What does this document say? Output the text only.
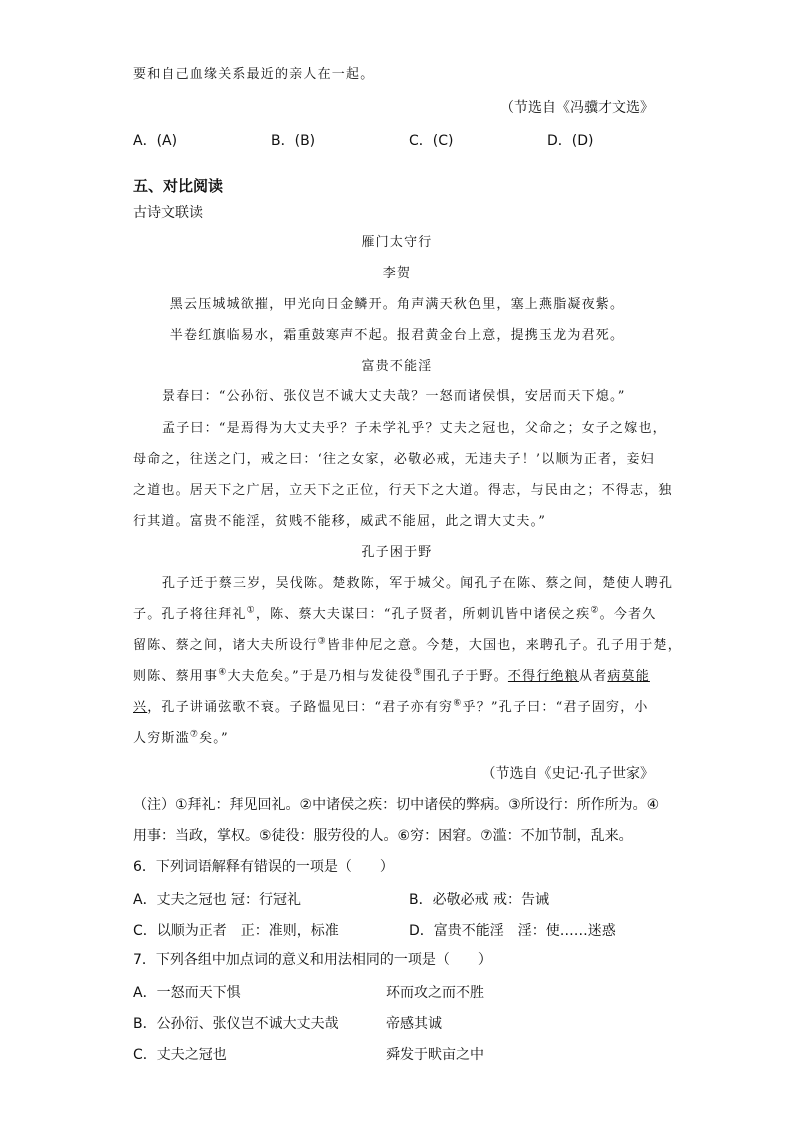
要和自己血缘关系最近的亲人在一起。
（节选自《冯骥才文选》
A．(A)	B．(B)	C．(C)	D．(D)
五、对比阅读
古诗文联读
雁门太守行
李贺
黑云压城城欲摧，甲光向日金鳞开。角声满天秋色里，塞上燕脂凝夜紫。
半卷红旗临易水，霜重鼓寒声不起。报君黄金台上意，提携玉龙为君死。
富贵不能淫
景春曰：“公孙衍、张仪岂不诚大丈夫哉？一怒而诸侯惧，安居而天下熄。”
孟子曰：“是焉得为大丈夫乎？子未学礼乎？丈夫之冠也，父命之；女子之嫁也，
母命之，往送之门，戒之曰：‘往之女家，必敬必戒，无违夫子！’以顺为正者，妾妇
之道也。居天下之广居，立天下之正位，行天下之大道。得志，与民由之；不得志，独
行其道。富贵不能淫，贫贱不能移，威武不能屈，此之谓大丈夫。”
孔子困于野
孔子迁于蔡三岁，吴伐陈。楚救陈，军于城父。闻孔子在陈、蔡之间，楚使人聘孔
子。孔子将往拜礼①，陈、蔡大夫谋曰：“孔子贤者，所刺讥皆中诸侯之疾②。今者久
留陈、蔡之间，诸大夫所设行③皆非仲尼之意。今楚，大国也，来聘孔子。孔子用于楚，
则陈、蔡用事④大夫危矣。”于是乃相与发徒役⑤围孔子于野。不得行绝粮从者病莫能
兴，孔子讲诵弦歌不衰。子路愠见曰：“君子亦有穷⑥乎？”孔子曰：“君子固穷，小
人穷斯滥⑦矣。”
（节选自《史记·孔子世家》
（注）①拜礼：拜见回礼。②中诸侯之疾：切中诸侯的弊病。③所设行：所作所为。④
用事：当政，掌权。⑤徒役：服劳役的人。⑥穷：困窘。⑦滥：不加节制，乱来。
6．下列词语解释有错误的一项是（　　）
A．丈夫之冠也 冠：行冠礼	B．必敬必戒 戒：告诫
C．以顺为正者　正：准则，标准	D．富贵不能淫　淫：使……迷惑
7．下列各组中加点词的意义和用法相同的一项是（　　）
A．一怒而天下惧	环而攻之而不胜
B．公孙衍、张仪岂不诚大丈夫哉	帝感其诚
C．丈夫之冠也	舜发于畎亩之中
